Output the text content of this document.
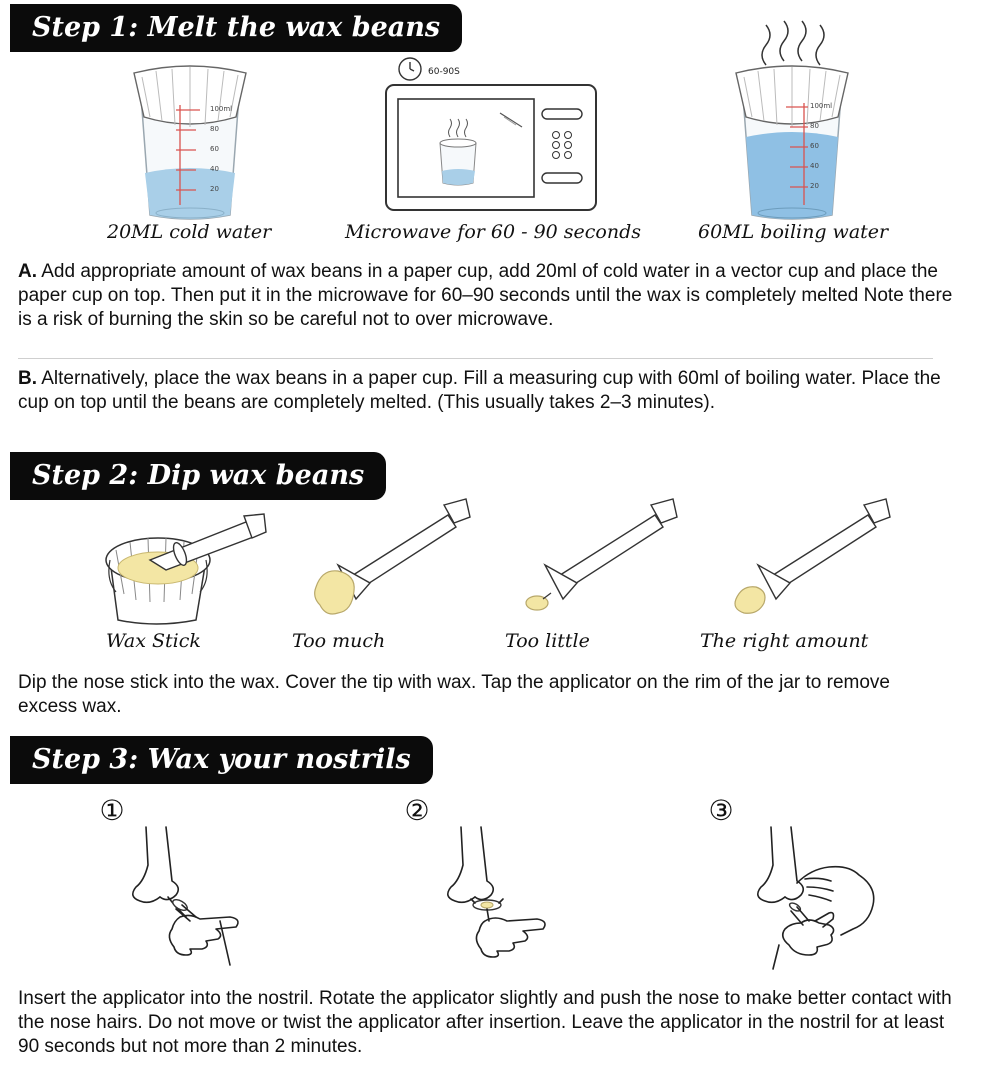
Step 1: Melt the wax beans
100ml
80
60
40
20
60-90S
100ml
80
60
40
20
20ML cold water	Microwave for 60 - 90 seconds	60ML boiling water

A. Add appropriate amount of wax beans in a paper cup, add 20ml of cold water in a vector cup and place the paper cup on top. Then put it in the microwave for 60–90 seconds until the wax is completely melted Note there is a risk of burning the skin so be careful not to over microwave.

B. Alternatively, place the wax beans in a paper cup. Fill a measuring cup with 60ml of boiling water. Place the cup on top until the beans are completely melted. (This usually takes 2–3 minutes).

Step 2: Dip wax beans
Wax Stick	Too much	Too little	The right amount

Dip the nose stick into the wax. Cover the tip with wax. Tap the applicator on the rim of the jar to remove excess wax.

Step 3: Wax your nostrils
①	②	③

Insert the applicator into the nostril. Rotate the applicator slightly and push the nose to make better contact with the nose hairs. Do not move or twist the applicator after insertion. Leave the applicator in the nostril for at least 90 seconds but not more than 2 minutes.
